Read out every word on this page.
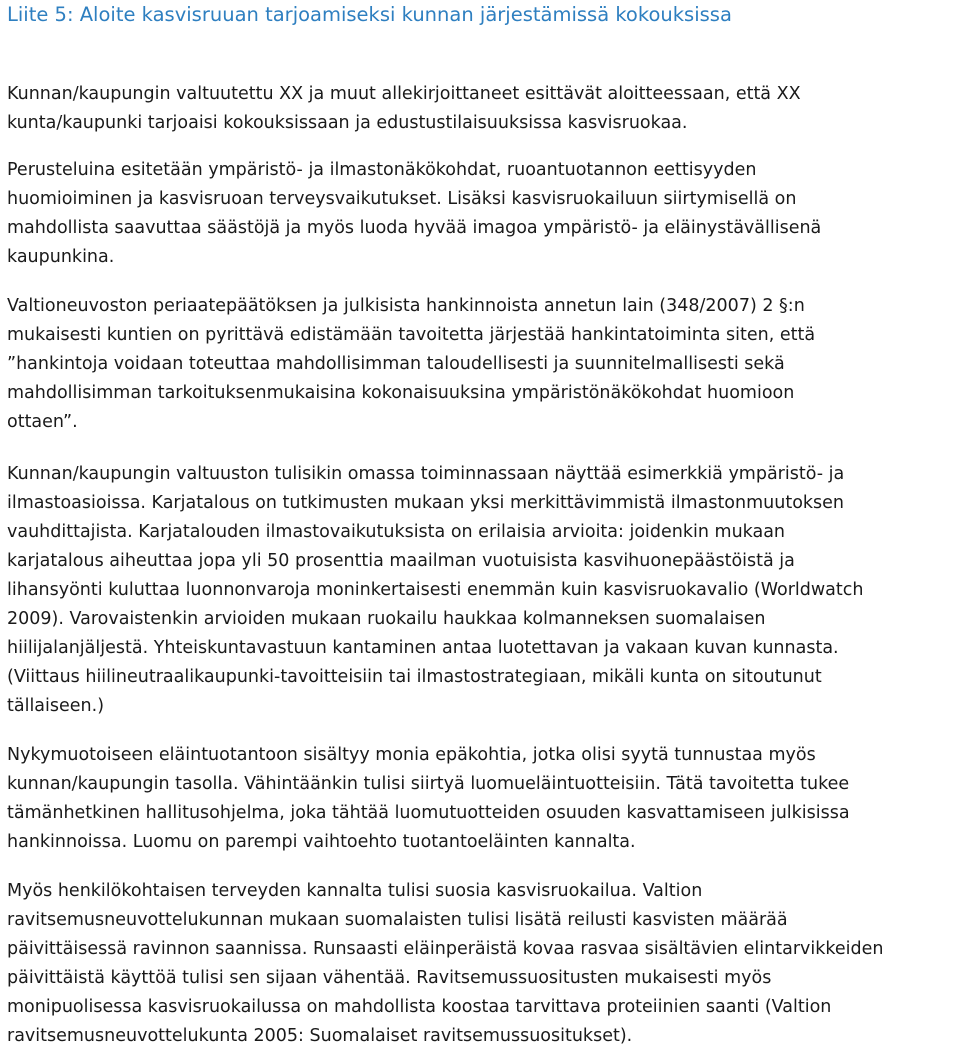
Liite 5: Aloite kasvisruuan tarjoamiseksi kunnan järjestämissä kokouksissa
Kunnan/kaupungin valtuutettu XX ja muut allekirjoittaneet esittävät aloitteessaan, että XX
kunta/kaupunki tarjoaisi kokouksissaan ja edustustilaisuuksissa kasvisruokaa.
Perusteluina esitetään ympäristö- ja ilmastonäkökohdat, ruoantuotannon eettisyyden
huomioiminen ja kasvisruoan terveysvaikutukset. Lisäksi kasvisruokailuun siirtymisellä on
mahdollista saavuttaa säästöjä ja myös luoda hyvää imagoa ympäristö- ja eläinystävällisenä
kaupunkina.
Valtioneuvoston periaatepäätöksen ja julkisista hankinnoista annetun lain (348/2007) 2 §:n
mukaisesti kuntien on pyrittävä edistämään tavoitetta järjestää hankintatoiminta siten, että
”hankintoja voidaan toteuttaa mahdollisimman taloudellisesti ja suunnitelmallisesti sekä
mahdollisimman tarkoituksenmukaisina kokonaisuuksina ympäristönäkökohdat huomioon
ottaen”.
Kunnan/kaupungin valtuuston tulisikin omassa toiminnassaan näyttää esimerkkiä ympäristö- ja
ilmastoasioissa. Karjatalous on tutkimusten mukaan yksi merkittävimmistä ilmastonmuutoksen
vauhdittajista. Karjatalouden ilmastovaikutuksista on erilaisia arvioita: joidenkin mukaan
karjatalous aiheuttaa jopa yli 50 prosenttia maailman vuotuisista kasvihuonepäästöistä ja
lihansyönti kuluttaa luonnonvaroja moninkertaisesti enemmän kuin kasvisruokavalio (Worldwatch
2009). Varovaistenkin arvioiden mukaan ruokailu haukkaa kolmanneksen suomalaisen
hiilijalanjäljestä. Yhteiskuntavastuun kantaminen antaa luotettavan ja vakaan kuvan kunnasta.
(Viittaus hiilineutraalikaupunki-tavoitteisiin tai ilmastostrategiaan, mikäli kunta on sitoutunut
tällaiseen.)
Nykymuotoiseen eläintuotantoon sisältyy monia epäkohtia, jotka olisi syytä tunnustaa myös
kunnan/kaupungin tasolla. Vähintäänkin tulisi siirtyä luomueläintuotteisiin. Tätä tavoitetta tukee
tämänhetkinen hallitusohjelma, joka tähtää luomutuotteiden osuuden kasvattamiseen julkisissa
hankinnoissa. Luomu on parempi vaihtoehto tuotantoeläinten kannalta.
Myös henkilökohtaisen terveyden kannalta tulisi suosia kasvisruokailua. Valtion
ravitsemusneuvottelukunnan mukaan suomalaisten tulisi lisätä reilusti kasvisten määrää
päivittäisessä ravinnon saannissa. Runsaasti eläinperäistä kovaa rasvaa sisältävien elintarvikkeiden
päivittäistä käyttöä tulisi sen sijaan vähentää. Ravitsemussuositusten mukaisesti myös
monipuolisessa kasvisruokailussa on mahdollista koostaa tarvittava proteiinien saanti (Valtion
ravitsemusneuvottelukunta 2005: Suomalaiset ravitsemussuositukset).
